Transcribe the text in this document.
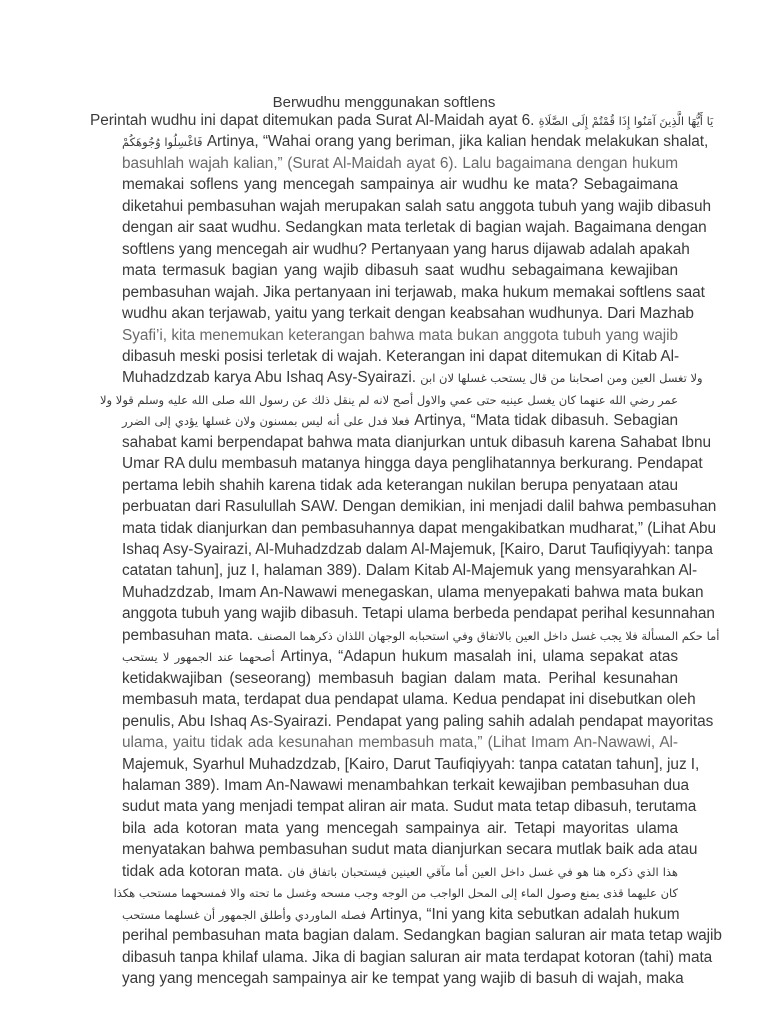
Berwudhu menggunakan softlens
Perintah wudhu ini dapat ditemukan pada Surat Al-Maidah ayat 6. يَا أَيُّهَا الَّذِينَ آمَنُوا إِذَا قُمْتُمْ إِلَى الصَّلَاةِ
فَاغْسِلُوا وُجُوهَكُمْ Artinya, “Wahai orang yang beriman, jika kalian hendak melakukan shalat,
basuhlah wajah kalian,” (Surat Al-Maidah ayat 6). Lalu bagaimana dengan hukum
memakai soflens yang mencegah sampainya air wudhu ke mata? Sebagaimana
diketahui pembasuhan wajah merupakan salah satu anggota tubuh yang wajib dibasuh
dengan air saat wudhu. Sedangkan mata terletak di bagian wajah. Bagaimana dengan
softlens yang mencegah air wudhu? Pertanyaan yang harus dijawab adalah apakah
mata termasuk bagian yang wajib dibasuh saat wudhu sebagaimana kewajiban
pembasuhan wajah. Jika pertanyaan ini terjawab, maka hukum memakai softlens saat
wudhu akan terjawab, yaitu yang terkait dengan keabsahan wudhunya. Dari Mazhab
Syafi’i, kita menemukan keterangan bahwa mata bukan anggota tubuh yang wajib
dibasuh meski posisi terletak di wajah. Keterangan ini dapat ditemukan di Kitab Al-
Muhadzdzab karya Abu Ishaq Asy-Syairazi. ولا تغسل العين ومن اصحابنا من قال يستحب غسلها لان ابن
عمر رضي الله عنهما كان يغسل عينيه حتى عمي والاول أصح لانه لم ينقل ذلك عن رسول الله صلى الله عليه وسلم قولا ولا
فعلا فدل على أنه ليس بمسنون ولان غسلها يؤدي إلى الضرر Artinya, “Mata tidak dibasuh. Sebagian
sahabat kami berpendapat bahwa mata dianjurkan untuk dibasuh karena Sahabat Ibnu
Umar RA dulu membasuh matanya hingga daya penglihatannya berkurang. Pendapat
pertama lebih shahih karena tidak ada keterangan nukilan berupa penyataan atau
perbuatan dari Rasulullah SAW. Dengan demikian, ini menjadi dalil bahwa pembasuhan
mata tidak dianjurkan dan pembasuhannya dapat mengakibatkan mudharat,” (Lihat Abu
Ishaq Asy-Syairazi, Al-Muhadzdzab dalam Al-Majemuk, [Kairo, Darut Taufiqiyyah: tanpa
catatan tahun], juz I, halaman 389). Dalam Kitab Al-Majemuk yang mensyarahkan Al-
Muhadzdzab, Imam An-Nawawi menegaskan, ulama menyepakati bahwa mata bukan
anggota tubuh yang wajib dibasuh. Tetapi ulama berbeda pendapat perihal kesunnahan
pembasuhan mata. أما حكم المسألة فلا يجب غسل داخل العين بالاتفاق وفي استحبابه الوجهان اللذان ذكرهما المصنف
أصحهما عند الجمهور لا يستحب Artinya, “Adapun hukum masalah ini, ulama sepakat atas
ketidakwajiban (seseorang) membasuh bagian dalam mata. Perihal kesunahan
membasuh mata, terdapat dua pendapat ulama. Kedua pendapat ini disebutkan oleh
penulis, Abu Ishaq As-Syairazi. Pendapat yang paling sahih adalah pendapat mayoritas
ulama, yaitu tidak ada kesunahan membasuh mata,” (Lihat Imam An-Nawawi, Al-
Majemuk, Syarhul Muhadzdzab, [Kairo, Darut Taufiqiyyah: tanpa catatan tahun], juz I,
halaman 389). Imam An-Nawawi menambahkan terkait kewajiban pembasuhan dua
sudut mata yang menjadi tempat aliran air mata. Sudut mata tetap dibasuh, terutama
bila ada kotoran mata yang mencegah sampainya air. Tetapi mayoritas ulama
menyatakan bahwa pembasuhan sudut mata dianjurkan secara mutlak baik ada atau
tidak ada kotoran mata. هذا الذي ذكره هنا هو في غسل داخل العين أما مآقي العينين فيستحبان باتفاق فان
كان عليهما قذى يمنع وصول الماء إلى المحل الواجب من الوجه وجب مسحه وغسل ما تحته والا فمسحهما مستحب هكذا
فصله الماوردي وأطلق الجمهور أن غسلهما مستحب Artinya, “Ini yang kita sebutkan adalah hukum
perihal pembasuhan mata bagian dalam. Sedangkan bagian saluran air mata tetap wajib
dibasuh tanpa khilaf ulama. Jika di bagian saluran air mata terdapat kotoran (tahi) mata
yang yang mencegah sampainya air ke tempat yang wajib di basuh di wajah, maka
